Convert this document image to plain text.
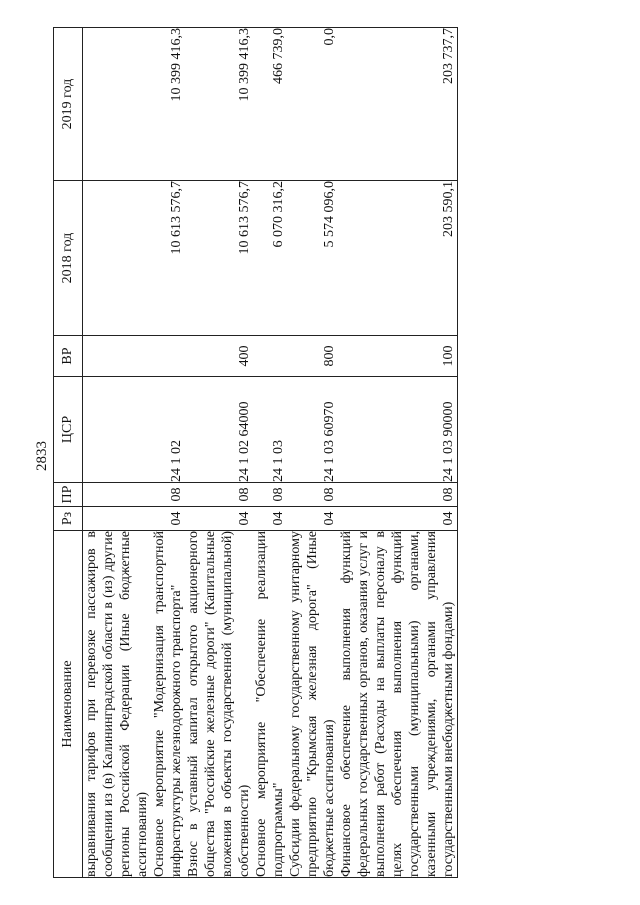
2833
Наименование	Рз	ПР	ЦСР	ВР	2018 год	2019 год
выравнивания тарифов при перевозке пассажиров в сообщении из (в) Калининградской области в (из) другие регионы Российской Федерации (Иные бюджетные ассигнования)						
Основное мероприятие "Модернизация транспортной инфраструктуры железнодорожного транспорта"	04	08	24 1 02		10 613 576,7	10 399 416,3
Взнос в уставный капитал открытого акционерного общества "Российские железные дороги" (Капитальные вложения в объекты государственной (муниципальной) собственности)	04	08	24 1 02 64000	400	10 613 576,7	10 399 416,3
Основное мероприятие "Обеспечение реализации подпрограммы"	04	08	24 1 03		6 070 316,2	466 739,0
Субсидии федеральному государственному унитарному предприятию "Крымская железная дорога" (Иные бюджетные ассигнования)	04	08	24 1 03 60970	800	5 574 096,0	0,0
Финансовое обеспечение выполнения функций федеральных государственных органов, оказания услуг и выполнения работ (Расходы на выплаты персоналу в целях обеспечения выполнения функций государственными (муниципальными) органами, казенными учреждениями, органами управления государственными внебюджетными фондами)	04	08	24 1 03 90000	100	203 590,1	203 737,7
